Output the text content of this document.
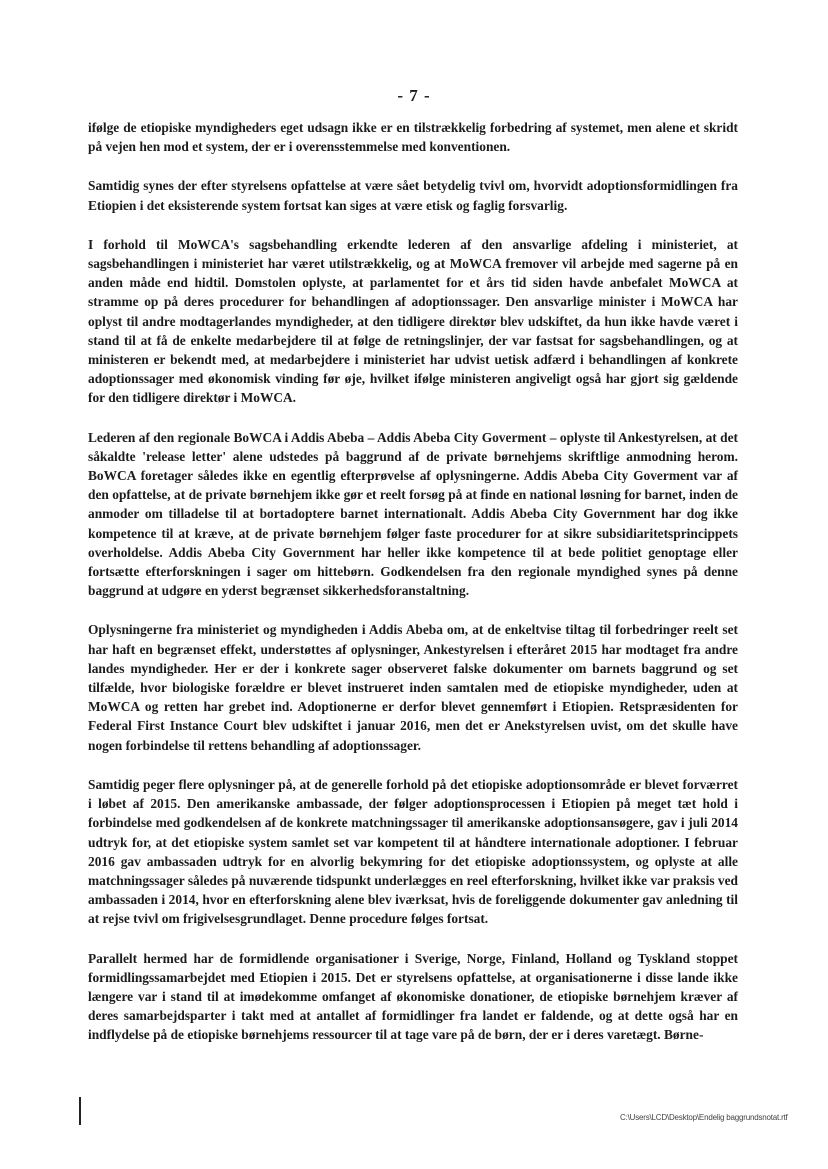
- 7 -

ifølge de etiopiske myndigheders eget udsagn ikke er en tilstrækkelig forbedring af systemet, men alene et skridt på vejen hen mod et system, der er i overensstemmelse med konventionen.

Samtidig synes der efter styrelsens opfattelse at være sået betydelig tvivl om, hvorvidt adoptionsformidlingen fra Etiopien i det eksisterende system fortsat kan siges at være etisk og faglig forsvarlig.

I forhold til MoWCA's sagsbehandling erkendte lederen af den ansvarlige afdeling i ministeriet, at sagsbehandlingen i ministeriet har været utilstrækkelig, og at MoWCA fremover vil arbejde med sagerne på en anden måde end hidtil. Domstolen oplyste, at parlamentet for et års tid siden havde anbefalet MoWCA at stramme op på deres procedurer for behandlingen af adoptionssager. Den ansvarlige minister i MoWCA har oplyst til andre modtagerlandes myndigheder, at den tidligere direktør blev udskiftet, da hun ikke havde været i stand til at få de enkelte medarbejdere til at følge de retningslinjer, der var fastsat for sagsbehandlingen, og at ministeren er bekendt med, at medarbejdere i ministeriet har udvist uetisk adfærd i behandlingen af konkrete adoptionssager med økonomisk vinding før øje, hvilket ifølge ministeren angiveligt også har gjort sig gældende for den tidligere direktør i MoWCA.

Lederen af den regionale BoWCA i Addis Abeba – Addis Abeba City Goverment – oplyste til Ankestyrelsen, at det såkaldte 'release letter' alene udstedes på baggrund af de private børnehjems skriftlige anmodning herom. BoWCA foretager således ikke en egentlig efterprøvelse af oplysningerne. Addis Abeba City Goverment var af den opfattelse, at de private børnehjem ikke gør et reelt forsøg på at finde en national løsning for barnet, inden de anmoder om tilladelse til at bortadoptere barnet internationalt. Addis Abeba City Government har dog ikke kompetence til at kræve, at de private børnehjem følger faste procedurer for at sikre subsidiaritetsprincippets overholdelse. Addis Abeba City Government har heller ikke kompetence til at bede politiet genoptage eller fortsætte efterforskningen i sager om hittebørn. Godkendelsen fra den regionale myndighed synes på denne baggrund at udgøre en yderst begrænset sikkerhedsforanstaltning.

Oplysningerne fra ministeriet og myndigheden i Addis Abeba om, at de enkeltvise tiltag til forbedringer reelt set har haft en begrænset effekt, understøttes af oplysninger, Ankestyrelsen i efteråret 2015 har modtaget fra andre landes myndigheder. Her er der i konkrete sager observeret falske dokumenter om barnets baggrund og set tilfælde, hvor biologiske forældre er blevet instrueret inden samtalen med de etiopiske myndigheder, uden at MoWCA og retten har grebet ind. Adoptionerne er derfor blevet gennemført i Etiopien. Retspræsidenten for Federal First Instance Court blev udskiftet i januar 2016, men det er Anekstyrelsen uvist, om det skulle have nogen forbindelse til rettens behandling af adoptionssager.

Samtidig peger flere oplysninger på, at de generelle forhold på det etiopiske adoptionsområde er blevet forværret i løbet af 2015. Den amerikanske ambassade, der følger adoptionsprocessen i Etiopien på meget tæt hold i forbindelse med godkendelsen af de konkrete matchningssager til amerikanske adoptionsansøgere, gav i juli 2014 udtryk for, at det etiopiske system samlet set var kompetent til at håndtere internationale adoptioner. I februar 2016 gav ambassaden udtryk for en alvorlig bekymring for det etiopiske adoptionssystem, og oplyste at alle matchningssager således på nuværende tidspunkt underlægges en reel efterforskning, hvilket ikke var praksis ved ambassaden i 2014, hvor en efterforskning alene blev iværksat, hvis de foreliggende dokumenter gav anledning til at rejse tvivl om frigivelsesgrundlaget. Denne procedure følges fortsat.

Parallelt hermed har de formidlende organisationer i Sverige, Norge, Finland, Holland og Tyskland stoppet formidlingssamarbejdet med Etiopien i 2015. Det er styrelsens opfattelse, at organisationerne i disse lande ikke længere var i stand til at imødekomme omfanget af økonomiske donationer, de etiopiske børnehjem kræver af deres samarbejdsparter i takt med at antallet af formidlinger fra landet er faldende, og at dette også har en indflydelse på de etiopiske børnehjems ressourcer til at tage vare på de børn, der er i deres varetægt. Børne-

C:\Users\LCD\Desktop\Endelig baggrundsnotat.rtf
